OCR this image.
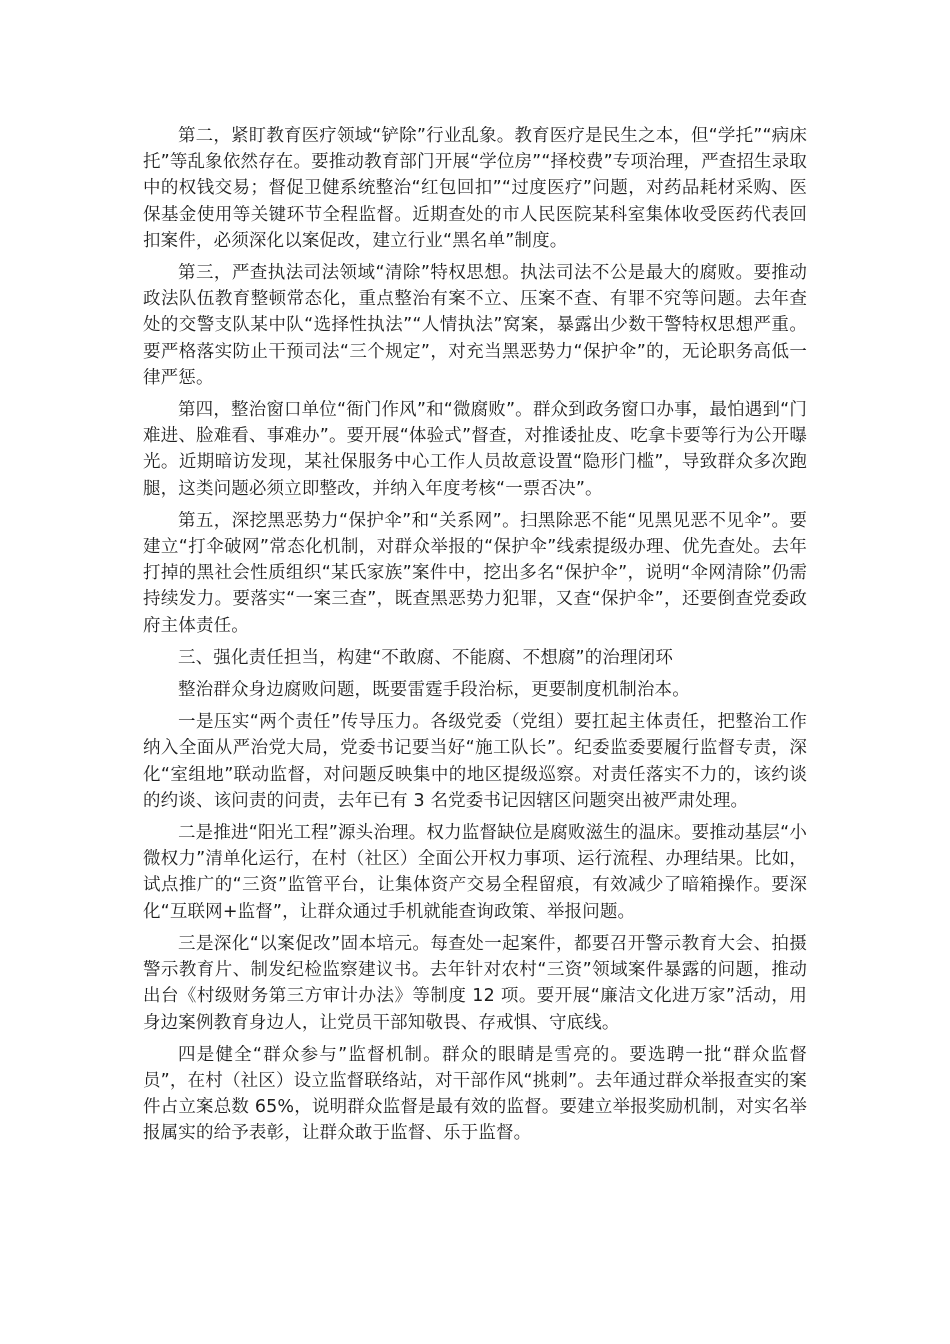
第二，紧盯教育医疗领域“铲除”行业乱象。教育医疗是民生之本，但“学托”“病床托”等乱象依然存在。要推动教育部门开展“学位房”“择校费”专项治理，严查招生录取中的权钱交易；督促卫健系统整治“红包回扣”“过度医疗”问题，对药品耗材采购、医保基金使用等关键环节全程监督。近期查处的市人民医院某科室集体收受医药代表回扣案件，必须深化以案促改，建立行业“黑名单”制度。

第三，严查执法司法领域“清除”特权思想。执法司法不公是最大的腐败。要推动政法队伍教育整顿常态化，重点整治有案不立、压案不查、有罪不究等问题。去年查处的交警支队某中队“选择性执法”“人情执法”窝案，暴露出少数干警特权思想严重。要严格落实防止干预司法“三个规定”，对充当黑恶势力“保护伞”的，无论职务高低一律严惩。

第四，整治窗口单位“衙门作风”和“微腐败”。群众到政务窗口办事，最怕遇到“门难进、脸难看、事难办”。要开展“体验式”督查，对推诿扯皮、吃拿卡要等行为公开曝光。近期暗访发现，某社保服务中心工作人员故意设置“隐形门槛”，导致群众多次跑腿，这类问题必须立即整改，并纳入年度考核“一票否决”。

第五，深挖黑恶势力“保护伞”和“关系网”。扫黑除恶不能“见黑见恶不见伞”。要建立“打伞破网”常态化机制，对群众举报的“保护伞”线索提级办理、优先查处。去年打掉的黑社会性质组织“某氏家族”案件中，挖出多名“保护伞”，说明“伞网清除”仍需持续发力。要落实“一案三查”，既查黑恶势力犯罪，又查“保护伞”，还要倒查党委政府主体责任。

三、强化责任担当，构建“不敢腐、不能腐、不想腐”的治理闭环

整治群众身边腐败问题，既要雷霆手段治标，更要制度机制治本。

一是压实“两个责任”传导压力。各级党委（党组）要扛起主体责任，把整治工作纳入全面从严治党大局，党委书记要当好“施工队长”。纪委监委要履行监督专责，深化“室组地”联动监督，对问题反映集中的地区提级巡察。对责任落实不力的，该约谈的约谈、该问责的问责，去年已有 3 名党委书记因辖区问题突出被严肃处理。

二是推进“阳光工程”源头治理。权力监督缺位是腐败滋生的温床。要推动基层“小微权力”清单化运行，在村（社区）全面公开权力事项、运行流程、办理结果。比如，试点推广的“三资”监管平台，让集体资产交易全程留痕，有效减少了暗箱操作。要深化“互联网+监督”，让群众通过手机就能查询政策、举报问题。

三是深化“以案促改”固本培元。每查处一起案件，都要召开警示教育大会、拍摄警示教育片、制发纪检监察建议书。去年针对农村“三资”领域案件暴露的问题，推动出台《村级财务第三方审计办法》等制度 12 项。要开展“廉洁文化进万家”活动，用身边案例教育身边人，让党员干部知敬畏、存戒惧、守底线。

四是健全“群众参与”监督机制。群众的眼睛是雪亮的。要选聘一批“群众监督员”，在村（社区）设立监督联络站，对干部作风“挑刺”。去年通过群众举报查实的案件占立案总数 65%，说明群众监督是最有效的监督。要建立举报奖励机制，对实名举报属实的给予表彰，让群众敢于监督、乐于监督。
